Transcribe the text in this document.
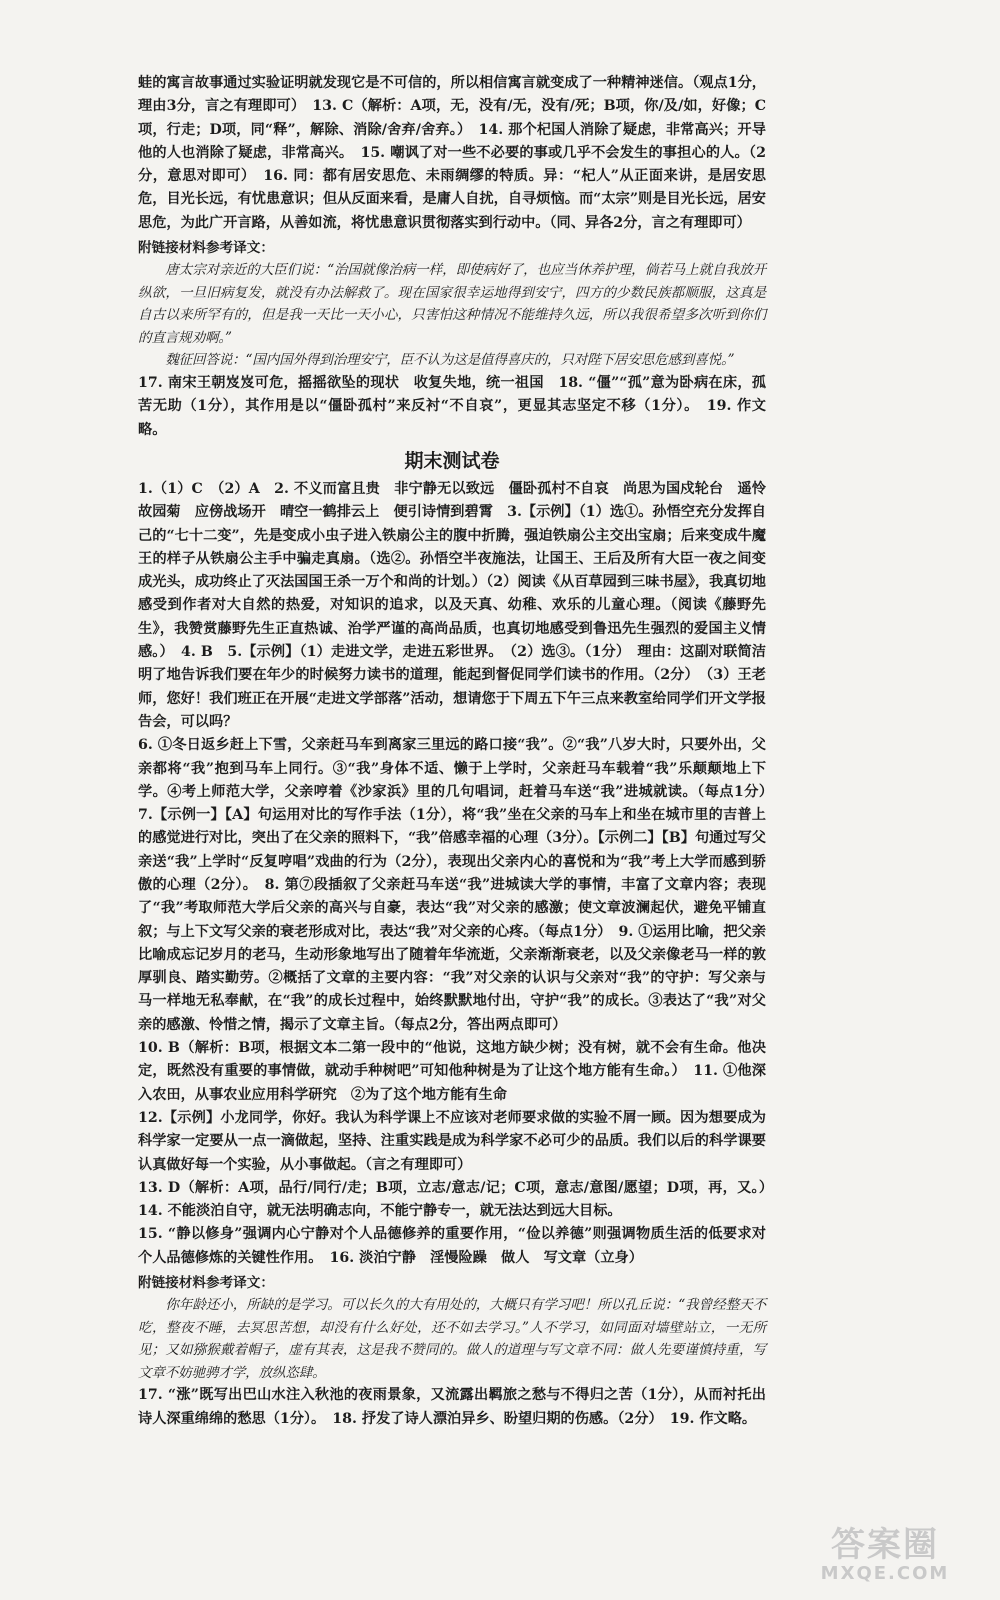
蛙的寓言故事通过实验证明就发现它是不可信的，所以相信寓言就变成了一种精神迷信。（观点1分，理由3分，言之有理即可）　13. C（解析：A项，无，没有/无，没有/死；B项，你/及/如，好像；C项，行走；D项，同“释”，解除、消除/舍弃/舍弃。）　14. 那个杞国人消除了疑虑，非常高兴；开导他的人也消除了疑虑，非常高兴。　15. 嘲讽了对一些不必要的事或几乎不会发生的事担心的人。（2分，意思对即可）　16. 同：都有居安思危、未雨绸缪的特质。异：“杞人”从正面来讲，是居安思危，目光长远，有忧患意识；但从反面来看，是庸人自扰，自寻烦恼。而“太宗”则是目光长远，居安思危，为此广开言路，从善如流，将忧患意识贯彻落实到行动中。（同、异各2分，言之有理即可）

附链接材料参考译文：

唐太宗对亲近的大臣们说：“治国就像治病一样，即使病好了，也应当休养护理，倘若马上就自我放开纵欲，一旦旧病复发，就没有办法解救了。现在国家很幸运地得到安宁，四方的少数民族都顺服，这真是自古以来所罕有的，但是我一天比一天小心，只害怕这种情况不能维持久远，所以我很希望多次听到你们的直言规劝啊。”

魏征回答说：“国内国外得到治理安宁，臣不认为这是值得喜庆的，只对陛下居安思危感到喜悦。”

17. 南宋王朝岌岌可危，摇摇欲坠的现状　收复失地，统一祖国　18. “僵”“孤”意为卧病在床，孤苦无助（1分），其作用是以“僵卧孤村”来反衬“不自哀”，更显其志坚定不移（1分）。　19. 作文略。

期末测试卷

1.（1）C　（2）A　2. 不义而富且贵　非宁静无以致远　僵卧孤村不自哀　尚思为国戍轮台　遥怜故园菊　应傍战场开　晴空一鹤排云上　便引诗情到碧霄　3.【示例】（1）选①。孙悟空充分发挥自己的“七十二变”，先是变成小虫子进入铁扇公主的腹中折腾，强迫铁扇公主交出宝扇；后来变成牛魔王的样子从铁扇公主手中骗走真扇。（选②。孙悟空半夜施法，让国王、王后及所有大臣一夜之间变成光头，成功终止了灭法国国王杀一万个和尚的计划。）（2）阅读《从百草园到三味书屋》，我真切地感受到作者对大自然的热爱，对知识的追求，以及天真、幼稚、欢乐的儿童心理。（阅读《藤野先生》，我赞赏藤野先生正直热诚、治学严谨的高尚品质，也真切地感受到鲁迅先生强烈的爱国主义情感。）　4. B　5.【示例】（1）走进文学，走进五彩世界。　（2）选③。（1分）　理由：这副对联简洁明了地告诉我们要在年少的时候努力读书的道理，能起到督促同学们读书的作用。（2分）　（3）王老师，您好！我们班正在开展“走进文学部落”活动，想请您于下周五下午三点来教室给同学们开文学报告会，可以吗？

6. ①冬日返乡赶上下雪，父亲赶马车到离家三里远的路口接“我”。②“我”八岁大时，只要外出，父亲都将“我”抱到马车上同行。③“我”身体不适、懒于上学时，父亲赶马车载着“我”乐颠颠地上下学。④考上师范大学，父亲哼着《沙家浜》里的几句唱词，赶着马车送“我”进城就读。（每点1分）　7.【示例一】【A】句运用对比的写作手法（1分），将“我”坐在父亲的马车上和坐在城市里的吉普上的感觉进行对比，突出了在父亲的照料下，“我”倍感幸福的心理（3分）。【示例二】【B】句通过写父亲送“我”上学时“反复哼唱”戏曲的行为（2分），表现出父亲内心的喜悦和为“我”考上大学而感到骄傲的心理（2分）。　8. 第⑦段插叙了父亲赶马车送“我”进城读大学的事情，丰富了文章内容；表现了“我”考取师范大学后父亲的高兴与自豪，表达“我”对父亲的感激；使文章波澜起伏，避免平铺直叙；与上下文写父亲的衰老形成对比，表达“我”对父亲的心疼。（每点1分）　9. ①运用比喻，把父亲比喻成忘记岁月的老马，生动形象地写出了随着年华流逝，父亲渐渐衰老，以及父亲像老马一样的敦厚驯良、踏实勤劳。②概括了文章的主要内容：“我”对父亲的认识与父亲对“我”的守护：写父亲与马一样地无私奉献，在“我”的成长过程中，始终默默地付出，守护“我”的成长。③表达了“我”对父亲的感激、怜惜之情，揭示了文章主旨。（每点2分，答出两点即可）

10. B（解析：B项，根据文本二第一段中的“他说，这地方缺少树；没有树，就不会有生命。他决定，既然没有重要的事情做，就动手种树吧”可知他种树是为了让这个地方能有生命。）　11. ①他深入农田，从事农业应用科学研究　②为了这个地方能有生命

12.【示例】小龙同学，你好。我认为科学课上不应该对老师要求做的实验不屑一顾。因为想要成为科学家一定要从一点一滴做起，坚持、注重实践是成为科学家不必可少的品质。我们以后的科学课要认真做好每一个实验，从小事做起。（言之有理即可）

13. D（解析：A项，品行/同行/走；B项，立志/意志/记；C项，意志/意图/愿望；D项，再，又。）　14. 不能淡泊自守，就无法明确志向，不能宁静专一，就无法达到远大目标。

15. “静以修身”强调内心宁静对个人品德修养的重要作用，“俭以养德”则强调物质生活的低要求对个人品德修炼的关键性作用。　16. 淡泊宁静　淫慢险躁　做人　写文章（立身）

附链接材料参考译文：

你年龄还小，所缺的是学习。可以长久的大有用处的，大概只有学习吧！所以孔丘说：“我曾经整天不吃，整夜不睡，去冥思苦想，却没有什么好处，还不如去学习。”人不学习，如同面对墙壁站立，一无所见；又如猕猴戴着帽子，虚有其表，这是我不赞同的。做人的道理与写文章不同：做人先要谨慎持重，写文章不妨驰骋才学，放纵恣肆。

17. “涨”既写出巴山水注入秋池的夜雨景象，又流露出羁旅之愁与不得归之苦（1分），从而衬托出诗人深重绵绵的愁思（1分）。　18. 抒发了诗人漂泊异乡、盼望归期的伤感。（2分）　19. 作文略。

答案圈
MXQE.COM
